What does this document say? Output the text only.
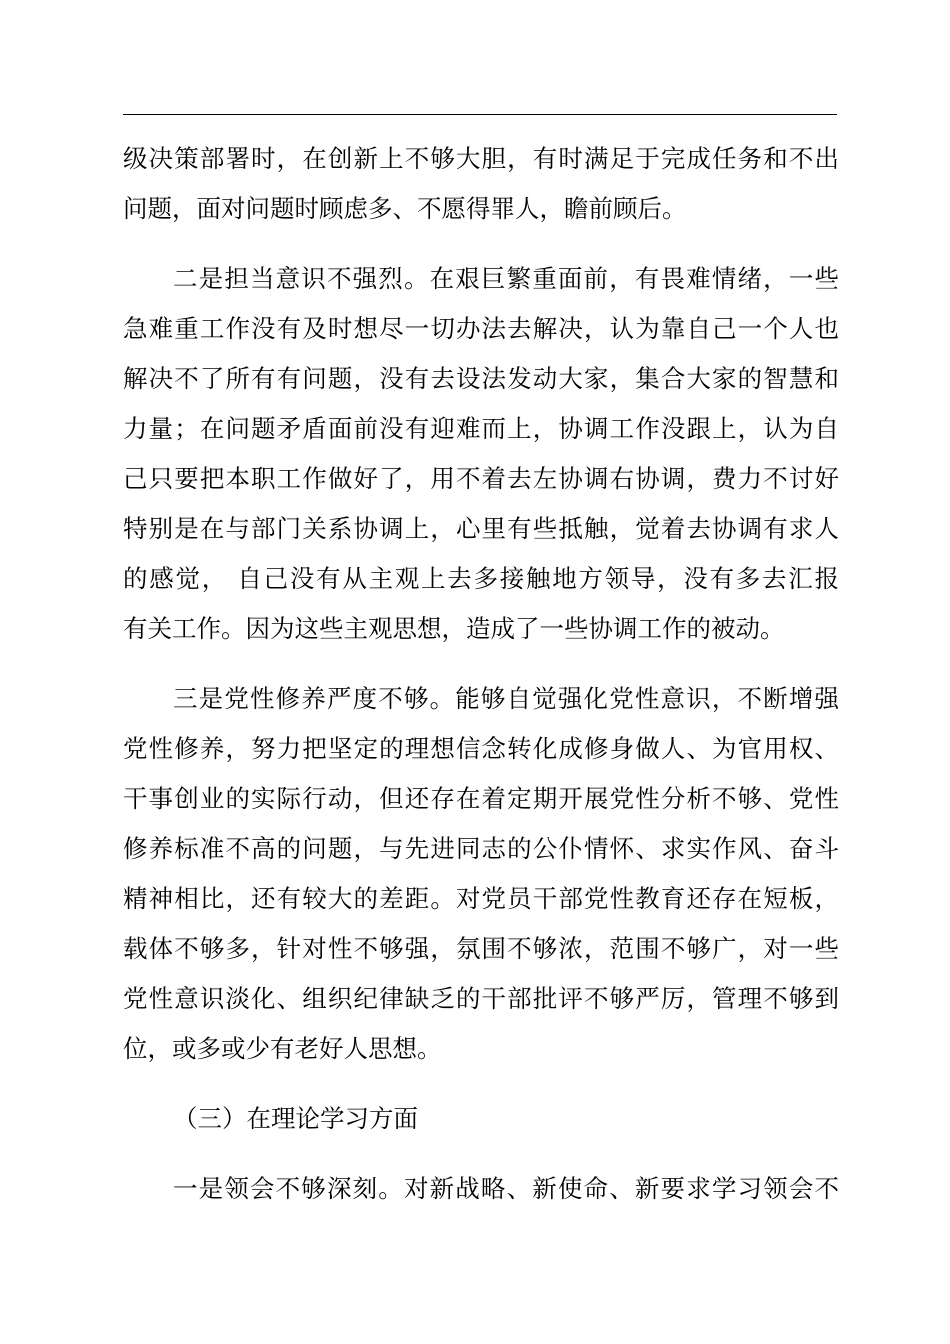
级决策部署时，在创新上不够大胆，有时满足于完成任务和不出
问题，面对问题时顾虑多、不愿得罪人，瞻前顾后。
二是担当意识不强烈。在艰巨繁重面前，有畏难情绪，一些
急难重工作没有及时想尽一切办法去解决，认为靠自己一个人也
解决不了所有有问题，没有去设法发动大家，集合大家的智慧和
力量；在问题矛盾面前没有迎难而上，协调工作没跟上，认为自
己只要把本职工作做好了，用不着去左协调右协调，费力不讨好
特别是在与部门关系协调上，心里有些抵触，觉着去协调有求人
的感觉， 自己没有从主观上去多接触地方领导，没有多去汇报
有关工作。因为这些主观思想，造成了一些协调工作的被动。
三是党性修养严度不够。能够自觉强化党性意识，不断增强
党性修养，努力把坚定的理想信念转化成修身做人、为官用权、
干事创业的实际行动，但还存在着定期开展党性分析不够、党性
修养标准不高的问题，与先进同志的公仆情怀、求实作风、奋斗
精神相比，还有较大的差距。对党员干部党性教育还存在短板，
载体不够多，针对性不够强，氛围不够浓，范围不够广，对一些
党性意识淡化、组织纪律缺乏的干部批评不够严厉，管理不够到
位，或多或少有老好人思想。
（三）在理论学习方面
一是领会不够深刻。对新战略、新使命、新要求学习领会不
